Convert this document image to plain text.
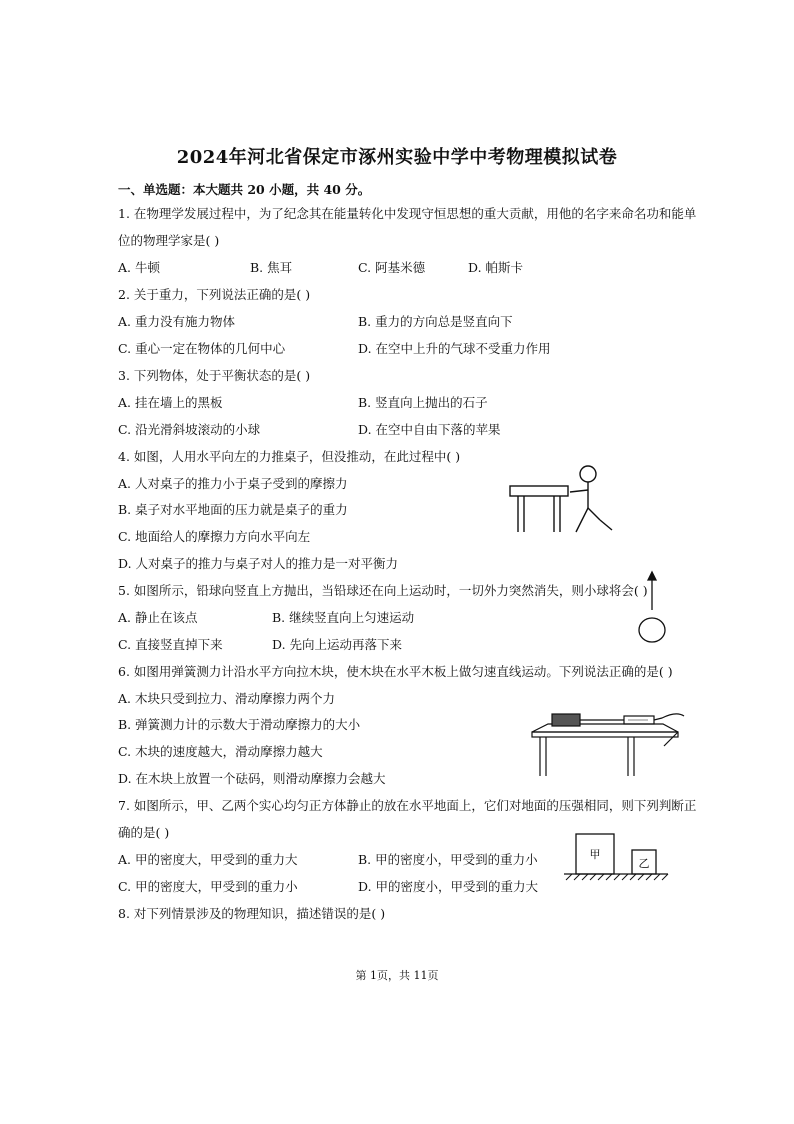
2024年河北省保定市涿州实验中学中考物理模拟试卷
一、单选题：本大题共 20 小题，共 40 分。
1. 在物理学发展过程中，为了纪念其在能量转化中发现守恒思想的重大贡献，用他的名字来命名功和能单
位的物理学家是( )
A. 牛顿	B. 焦耳	C. 阿基米德	D. 帕斯卡
2. 关于重力，下列说法正确的是( )
A. 重力没有施力物体	B. 重力的方向总是竖直向下
C. 重心一定在物体的几何中心	D. 在空中上升的气球不受重力作用
3. 下列物体，处于平衡状态的是( )
A. 挂在墙上的黑板	B. 竖直向上抛出的石子
C. 沿光滑斜坡滚动的小球	D. 在空中自由下落的苹果
4. 如图，人用水平向左的力推桌子，但没推动，在此过程中( )
A. 人对桌子的推力小于桌子受到的摩擦力
B. 桌子对水平地面的压力就是桌子的重力
C. 地面给人的摩擦力方向水平向左
D. 人对桌子的推力与桌子对人的推力是一对平衡力
5. 如图所示，铅球向竖直上方抛出，当铅球还在向上运动时，一切外力突然消失，则小球将会( )
A. 静止在该点	B. 继续竖直向上匀速运动
C. 直接竖直掉下来	D. 先向上运动再落下来
6. 如图用弹簧测力计沿水平方向拉木块，使木块在水平木板上做匀速直线运动。下列说法正确的是( )
A. 木块只受到拉力、滑动摩擦力两个力
B. 弹簧测力计的示数大于滑动摩擦力的大小
C. 木块的速度越大，滑动摩擦力越大
D. 在木块上放置一个砝码，则滑动摩擦力会越大
7. 如图所示，甲、乙两个实心均匀正方体静止的放在水平地面上，它们对地面的压强相同，则下列判断正
确的是( )
A. 甲的密度大，甲受到的重力大	B. 甲的密度小，甲受到的重力小
C. 甲的密度大，甲受到的重力小	D. 甲的密度小，甲受到的重力大
甲
乙
8. 对下列情景涉及的物理知识，描述错误的是( )
第 1页，共 11页
